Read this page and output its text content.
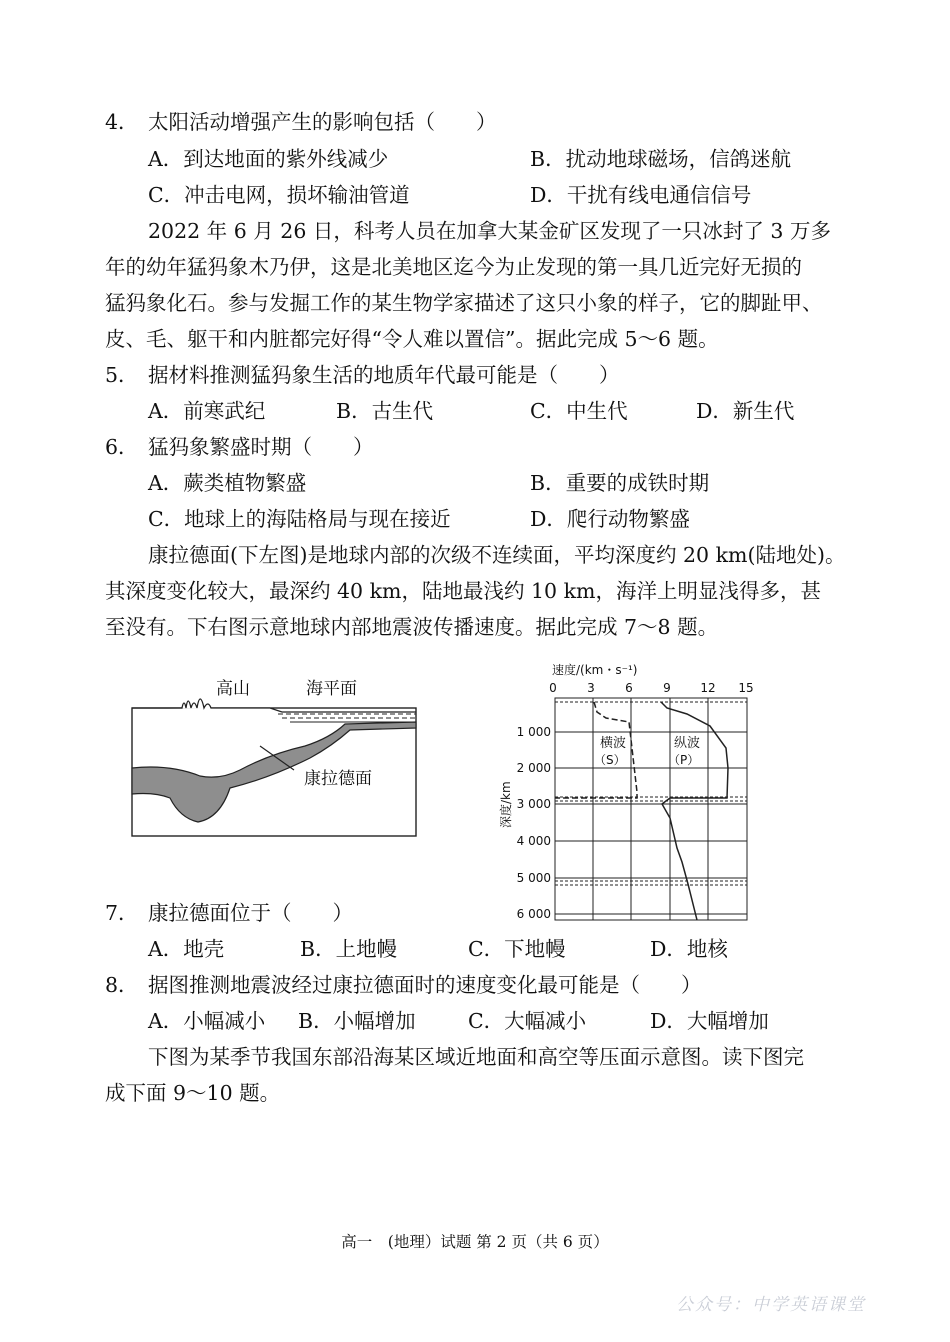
4． 太阳活动增强产生的影响包括（　　）
A．到达地面的紫外线减少	B．扰动地球磁场，信鸽迷航
C．冲击电网，损坏输油管道	D．干扰有线电通信信号
2022 年 6 月 26 日，科考人员在加拿大某金矿区发现了一只冰封了 3 万多
年的幼年猛犸象木乃伊，这是北美地区迄今为止发现的第一具几近完好无损的
猛犸象化石。参与发掘工作的某生物学家描述了这只小象的样子，它的脚趾甲、
皮、毛、躯干和内脏都完好得“令人难以置信”。据此完成 5～6 题。
5． 据材料推测猛犸象生活的地质年代最可能是（　　）
A．前寒武纪	B．古生代	C．中生代	D．新生代
6． 猛犸象繁盛时期（　　）
A．蕨类植物繁盛	B．重要的成铁时期
C．地球上的海陆格局与现在接近	D．爬行动物繁盛
康拉德面(下左图)是地球内部的次级不连续面，平均深度约 20 km(陆地处)。
其深度变化较大，最深约 40 km，陆地最浅约 10 km，海洋上明显浅得多，甚
至没有。下右图示意地球内部地震波传播速度。据此完成 7～8 题。
高山	海平面
康拉德面
速度/(km・s⁻¹)
0	3	6	9 12 15
1 000
2 000
3 000
4 000
5 000
6 000
深度/km
横波
（S）
纵波
（P）
7． 康拉德面位于（　　）
A．地壳	B．上地幔	C．下地幔	D．地核
8． 据图推测地震波经过康拉德面时的速度变化最可能是（　　）
A．小幅减小 B．小幅增加	C．大幅减小	D．大幅增加
下图为某季节我国东部沿海某区域近地面和高空等压面示意图。读下图完
成下面 9～10 题。
高一　(地理）试题 第 2 页（共 6 页）
公众号：中学英语课堂
